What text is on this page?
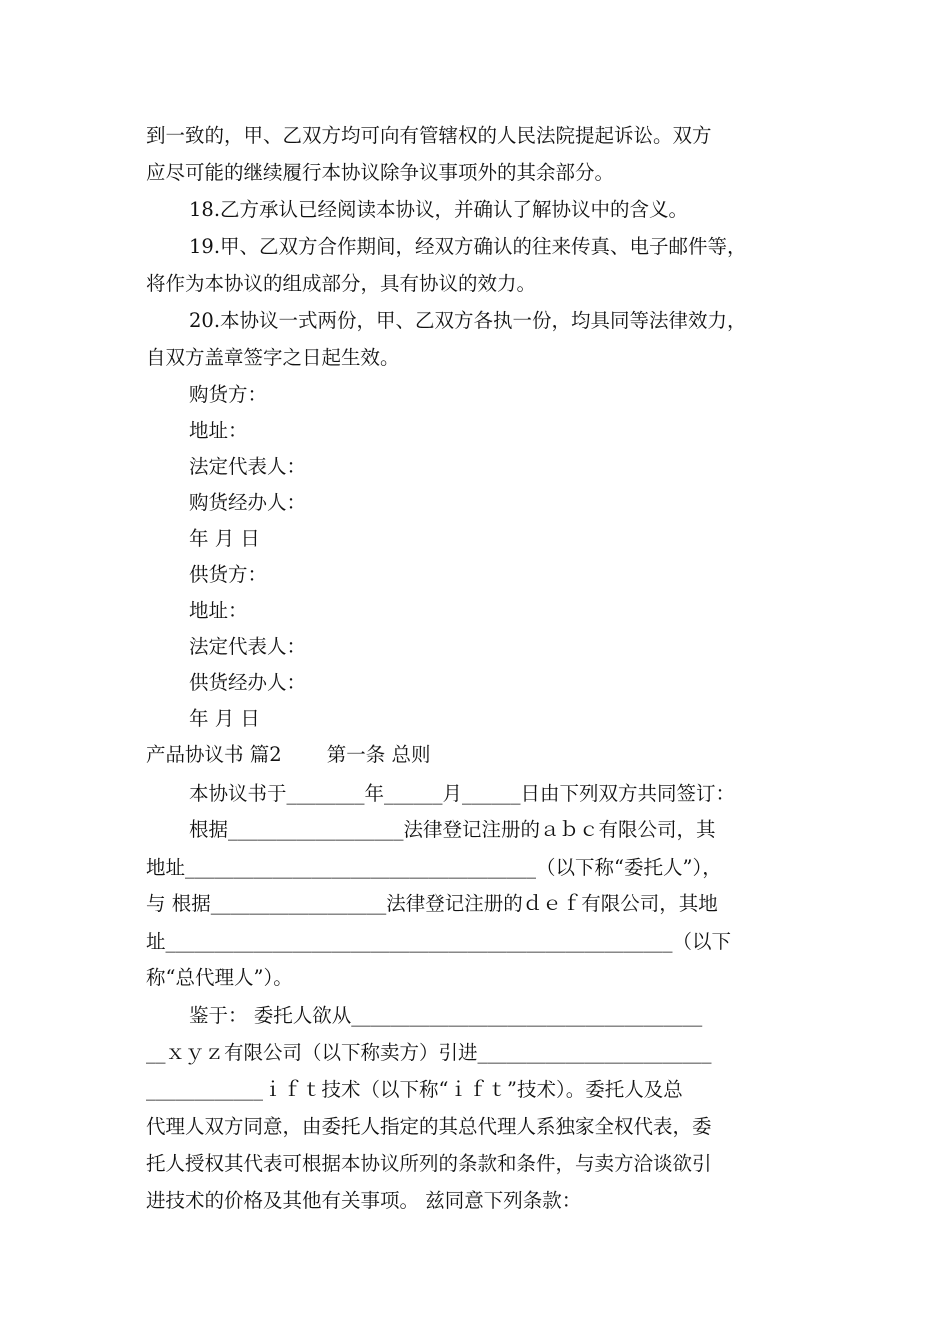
到一致的，甲、乙双方均可向有管辖权的人民法院提起诉讼。双方
应尽可能的继续履行本协议除争议事项外的其余部分。
18.乙方承认已经阅读本协议，并确认了解协议中的含义。
19.甲、乙双方合作期间，经双方确认的往来传真、电子邮件等，
将作为本协议的组成部分，具有协议的效力。
20.本协议一式两份，甲、乙双方各执一份，均具同等法律效力，
自双方盖章签字之日起生效。
购货方：
地址：
法定代表人：
购货经办人：
年 月 日
供货方：
地址：
法定代表人：
供货经办人：
年 月 日
产品协议书 篇2　　 第一条 总则
本协议书于________年______月______日由下列双方共同签订：
根据__________________法律登记注册的ａｂｃ有限公司，其
地址____________________________________（以下称“委托人”），
与 根据__________________法律登记注册的ｄｅｆ有限公司，其地
址____________________________________________________（以下
称“总代理人”）。
鉴于： 委托人欲从____________________________________
__ｘｙｚ有限公司（以下称卖方）引进________________________
____________ｉｆｔ技术（以下称“ｉｆｔ”技术）。委托人及总
代理人双方同意，由委托人指定的其总代理人系独家全权代表，委
托人授权其代表可根据本协议所列的条款和条件，与卖方洽谈欲引
进技术的价格及其他有关事项。 兹同意下列条款：
